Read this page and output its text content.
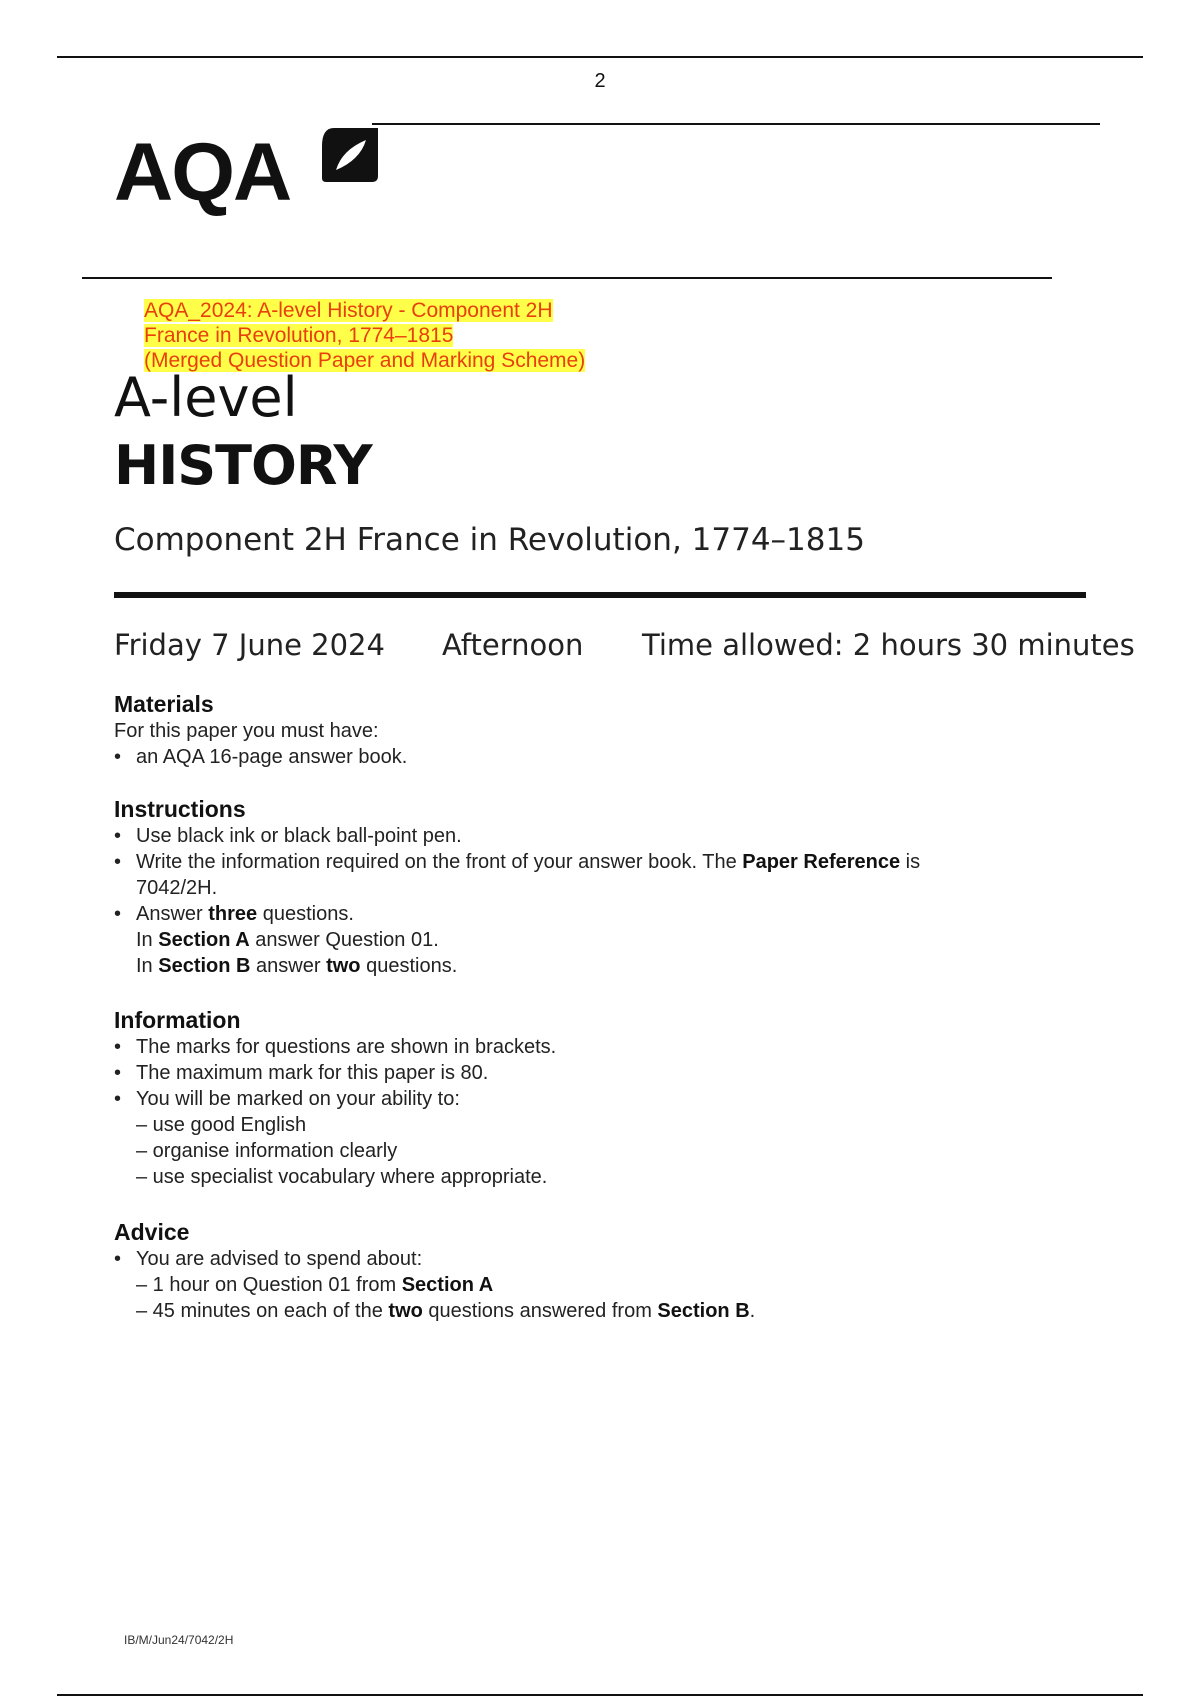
2
AQA
AQA_2024: A-level History - Component 2H
France in Revolution, 1774–1815
(Merged Question Paper and Marking Scheme)
A-level
HISTORY
Component 2H France in Revolution, 1774–1815
Friday 7 June 2024 Afternoon Time allowed: 2 hours 30 minutes
Materials
For this paper you must have:
• an AQA 16-page answer book.
Instructions
• Use black ink or black ball-point pen.
• Write the information required on the front of your answer book. The Paper Reference is
7042/2H.
• Answer three questions.
In Section A answer Question 01.
In Section B answer two questions.
Information
• The marks for questions are shown in brackets.
• The maximum mark for this paper is 80.
• You will be marked on your ability to:
– use good English
– organise information clearly
– use specialist vocabulary where appropriate.
Advice
• You are advised to spend about:
– 1 hour on Question 01 from Section A
– 45 minutes on each of the two questions answered from Section B.
IB/M/Jun24/7042/2H
